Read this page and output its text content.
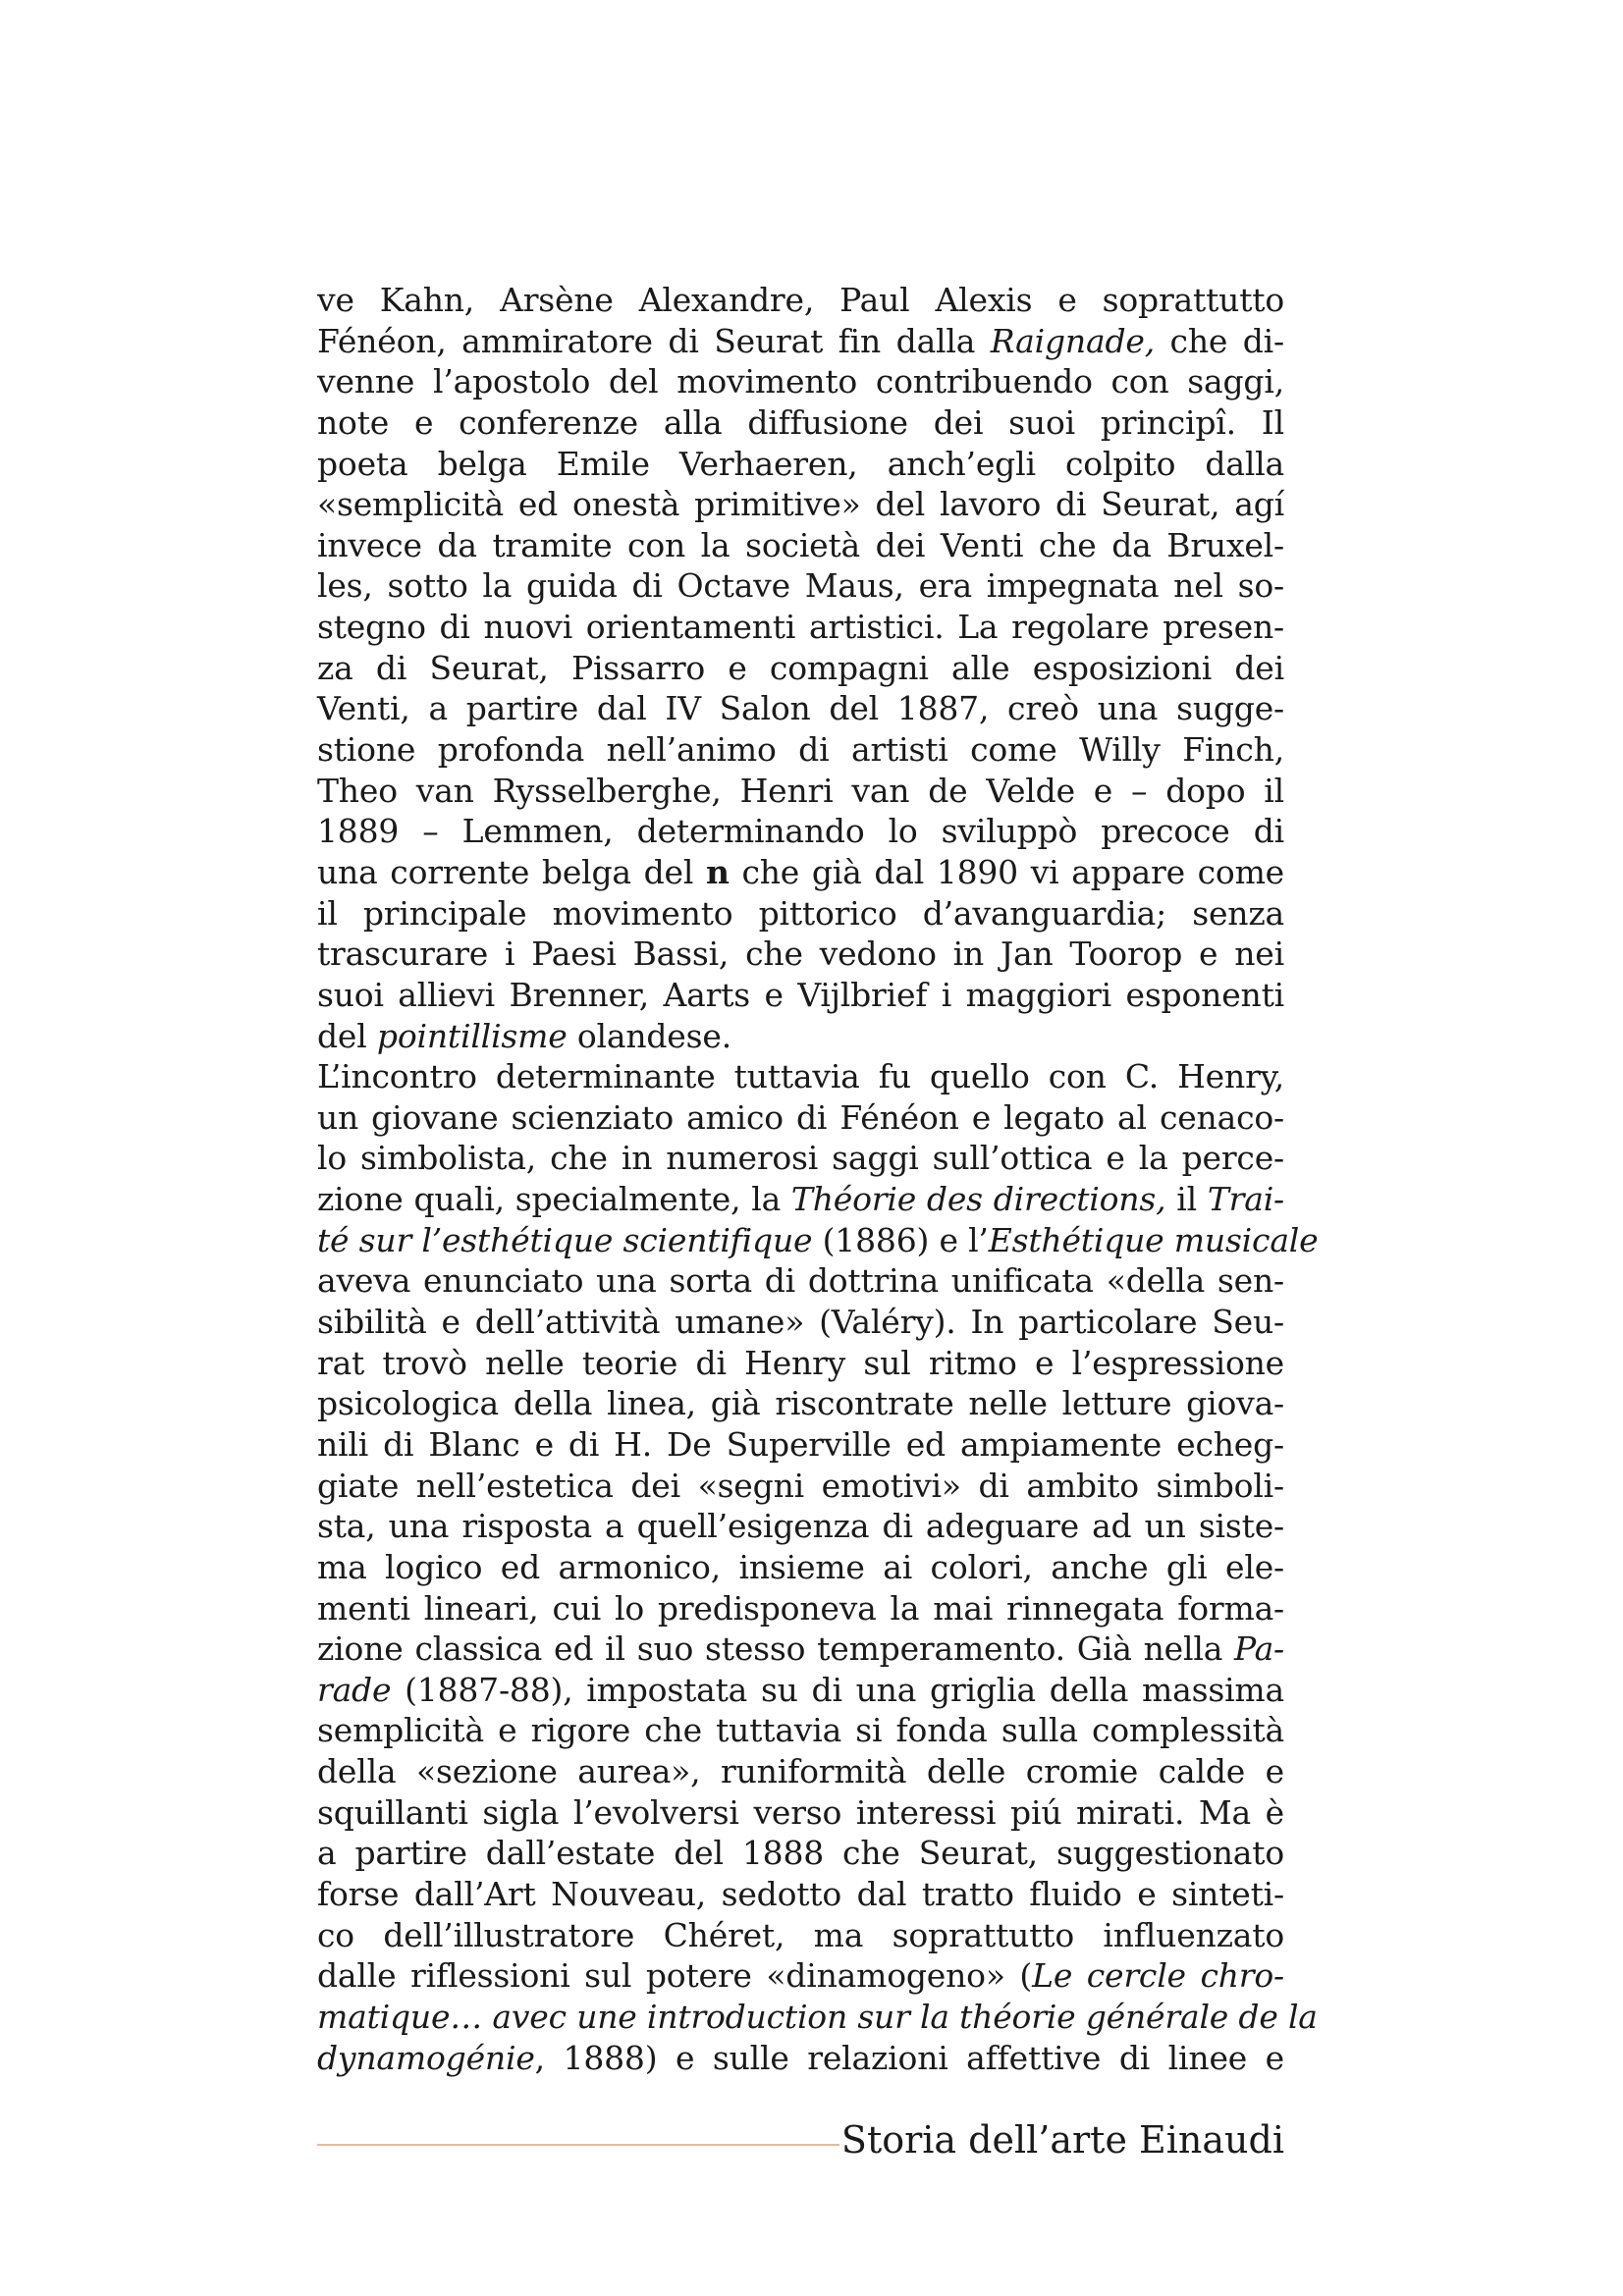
ve Kahn, Arsène Alexandre, Paul Alexis e soprattutto
Fénéon, ammiratore di Seurat fin dalla Raignade, che di-
venne l’apostolo del movimento contribuendo con saggi,
note e conferenze alla diffusione dei suoi principî. Il
poeta belga Emile Verhaeren, anch’egli colpito dalla
«semplicità ed onestà primitive» del lavoro di Seurat, agí
invece da tramite con la società dei Venti che da Bruxel-
les, sotto la guida di Octave Maus, era impegnata nel so-
stegno di nuovi orientamenti artistici. La regolare presen-
za di Seurat, Pissarro e compagni alle esposizioni dei
Venti, a partire dal IV Salon del 1887, creò una sugge-
stione profonda nell’animo di artisti come Willy Finch,
Theo van Rysselberghe, Henri van de Velde e – dopo il
1889 – Lemmen, determinando lo sviluppò precoce di
una corrente belga del n che già dal 1890 vi appare come
il principale movimento pittorico d’avanguardia; senza
trascurare i Paesi Bassi, che vedono in Jan Toorop e nei
suoi allievi Brenner, Aarts e Vijlbrief i maggiori esponenti
del pointillisme olandese.
L’incontro determinante tuttavia fu quello con C. Henry,
un giovane scienziato amico di Fénéon e legato al cenaco-
lo simbolista, che in numerosi saggi sull’ottica e la perce-
zione quali, specialmente, la Théorie des directions, il Trai-
té sur l’esthétique scientifique (1886) e l’Esthétique musicale
aveva enunciato una sorta di dottrina unificata «della sen-
sibilità e dell’attività umane» (Valéry). In particolare Seu-
rat trovò nelle teorie di Henry sul ritmo e l’espressione
psicologica della linea, già riscontrate nelle letture giova-
nili di Blanc e di H. De Superville ed ampiamente echeg-
giate nell’estetica dei «segni emotivi» di ambito simboli-
sta, una risposta a quell’esigenza di adeguare ad un siste-
ma logico ed armonico, insieme ai colori, anche gli ele-
menti lineari, cui lo predisponeva la mai rinnegata forma-
zione classica ed il suo stesso temperamento. Già nella Pa-
rade (1887-88), impostata su di una griglia della massima
semplicità e rigore che tuttavia si fonda sulla complessità
della «sezione aurea», runiformità delle cromie calde e
squillanti sigla l’evolversi verso interessi piú mirati. Ma è
a partire dall’estate del 1888 che Seurat, suggestionato
forse dall’Art Nouveau, sedotto dal tratto fluido e sinteti-
co dell’illustratore Chéret, ma soprattutto influenzato
dalle riflessioni sul potere «dinamogeno» (Le cercle chro-
matique… avec une introduction sur la théorie générale de la
dynamogénie, 1888) e sulle relazioni affettive di linee e
Storia dell’arte Einaudi
